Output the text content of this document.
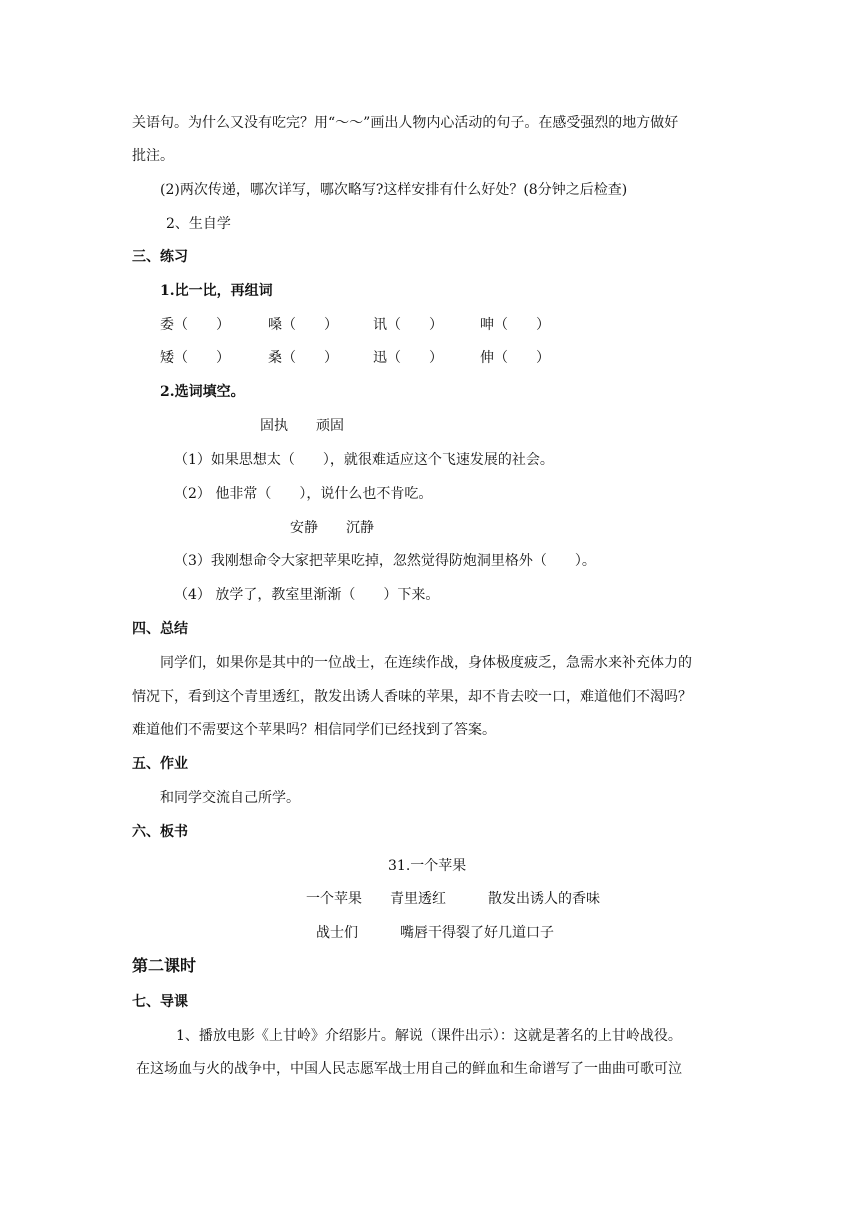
关语句。为什么又没有吃完？用“～～”画出人物内心活动的句子。在感受强烈的地方做好
批注。
(2)两次传递，哪次详写，哪次略写?这样安排有什么好处？(8分钟之后检查)
2、生自学
三、练习
1.比一比，再组词
委（　　）	嗓（　　）	讯（　　）	呻（　　）
矮（　　）	桑（　　）	迅（　　）	伸（　　）
2.选词填空。
固执　　顽固
（1）如果思想太（　　），就很难适应这个飞速发展的社会。
（2） 他非常（　　），说什么也不肯吃。
安静　　沉静
（3）我刚想命令大家把苹果吃掉，忽然觉得防炮洞里格外（　　）。
（4） 放学了，教室里渐渐（　　）下来。
四、总结
同学们，如果你是其中的一位战士，在连续作战，身体极度疲乏，急需水来补充体力的
情况下，看到这个青里透红，散发出诱人香味的苹果，却不肯去咬一口，难道他们不渴吗？
难道他们不需要这个苹果吗？相信同学们已经找到了答案。
五、作业
和同学交流自己所学。
六、板书
31.一个苹果
一个苹果　　青里透红　　　散发出诱人的香味
战士们　　　嘴唇干得裂了好几道口子
第二课时
七、导课
1、播放电影《上甘岭》介绍影片。解说（课件出示）：这就是著名的上甘岭战役。
在这场血与火的战争中，中国人民志愿军战士用自己的鲜血和生命谱写了一曲曲可歌可泣
